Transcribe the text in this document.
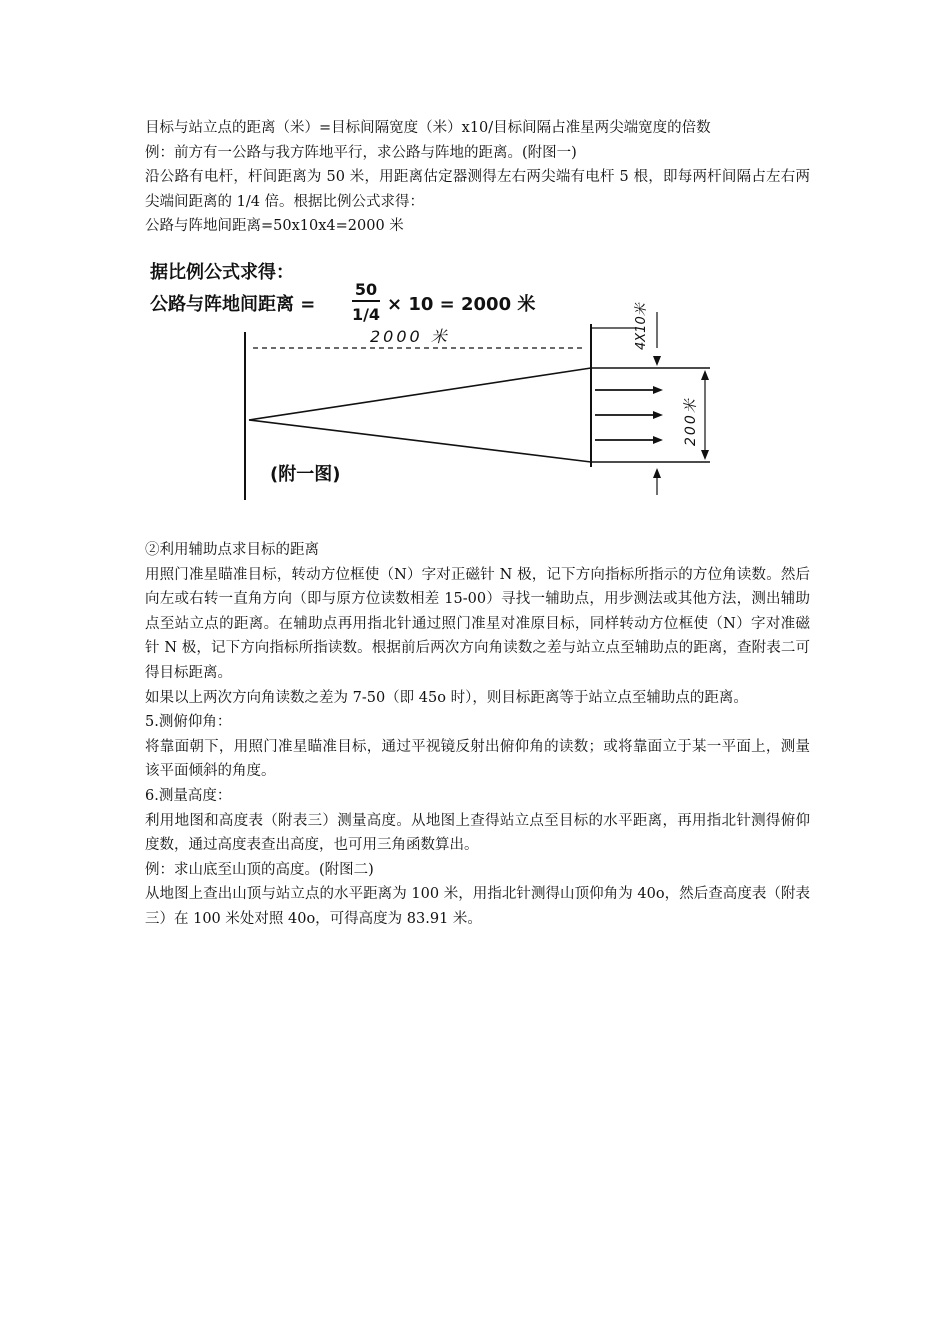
目标与站立点的距离（米）=目标间隔宽度（米）x10/目标间隔占准星两尖端宽度的倍数

例：前方有一公路与我方阵地平行，求公路与阵地的距离。(附图一)

沿公路有电杆，杆间距离为 50 米，用距离估定器测得左右两尖端有电杆 5 根，即每两杆间隔占左右两尖端间距离的 1/4 倍。根据比例公式求得：

公路与阵地间距离=50x10x4=2000 米

据比例公式求得：
公路与阵地间距离 =
50
1/4 × 10 = 2000 米
2000 米	4X10米
200米
(附一图)

②利用辅助点求目标的距离

用照门准星瞄准目标，转动方位框使（N）字对正磁针 N 极，记下方向指标所指示的方位角读数。然后向左或右转一直角方向（即与原方位读数相差 15-00）寻找一辅助点，用步测法或其他方法，测出辅助点至站立点的距离。在辅助点再用指北针通过照门准星对准原目标，同样转动方位框使（N）字对准磁针 N 极，记下方向指标所指读数。根据前后两次方向角读数之差与站立点至辅助点的距离，查附表二可得目标距离。

如果以上两次方向角读数之差为 7-50（即 45o 时），则目标距离等于站立点至辅助点的距离。

5.测俯仰角：

将靠面朝下，用照门准星瞄准目标，通过平视镜反射出俯仰角的读数；或将靠面立于某一平面上，测量该平面倾斜的角度。

6.测量高度：

利用地图和高度表（附表三）测量高度。从地图上查得站立点至目标的水平距离，再用指北针测得俯仰度数，通过高度表查出高度，也可用三角函数算出。

例：求山底至山顶的高度。(附图二)

从地图上查出山顶与站立点的水平距离为 100 米，用指北针测得山顶仰角为 40o，然后查高度表（附表三）在 100 米处对照 40o，可得高度为 83.91 米。
